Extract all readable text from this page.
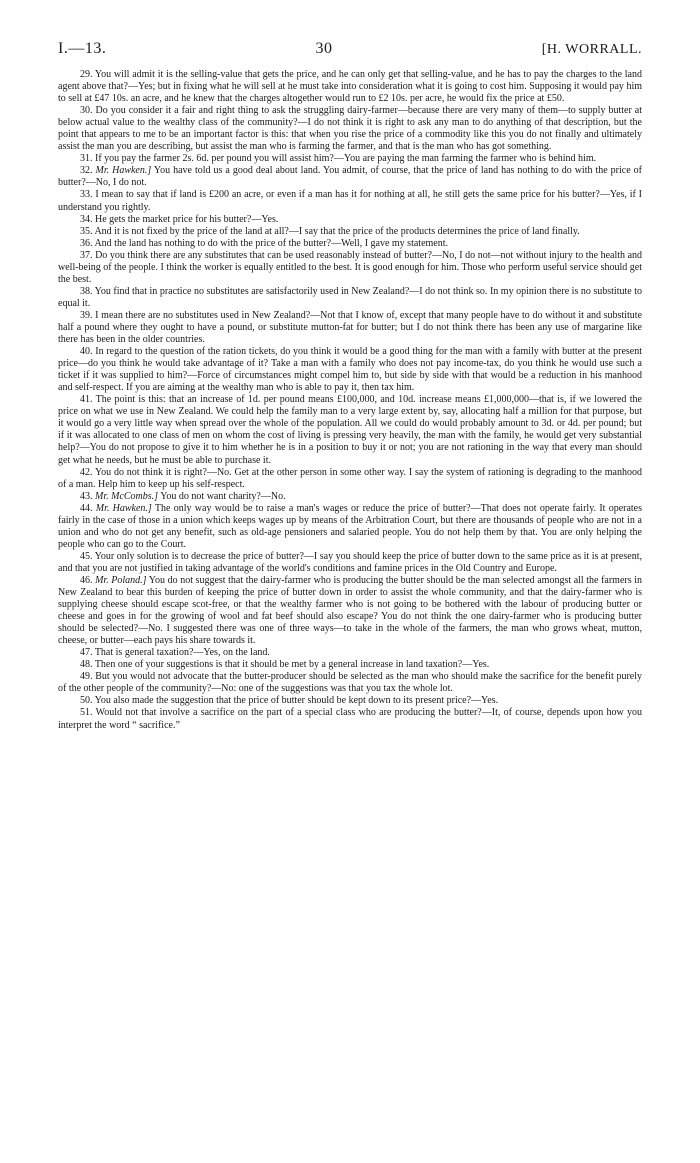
I.—13.	30	[H. WORRALL.

29. You will admit it is the selling-value that gets the price, and he can only get that selling-value, and he has to pay the charges to the land agent above that?—Yes; but in fixing what he will sell at he must take into consideration what it is going to cost him. Supposing it would pay him to sell at £47 10s. an acre, and he knew that the charges altogether would run to £2 10s. per acre, he would fix the price at £50.

30. Do you consider it a fair and right thing to ask the struggling dairy-farmer—because there are very many of them—to supply butter at below actual value to the wealthy class of the community?—I do not think it is right to ask any man to do anything of that description, but the point that appears to me to be an important factor is this: that when you rise the price of a commodity like this you do not finally and ultimately assist the man you are describing, but assist the man who is farming the farmer, and that is the man who has got something.

31. If you pay the farmer 2s. 6d. per pound you will assist him?—You are paying the man farming the farmer who is behind him.

32. Mr. Hawken.] You have told us a good deal about land. You admit, of course, that the price of land has nothing to do with the price of butter?—No, I do not.

33. I mean to say that if land is £200 an acre, or even if a man has it for nothing at all, he still gets the same price for his butter?—Yes, if I understand you rightly.

34. He gets the market price for his butter?—Yes.

35. And it is not fixed by the price of the land at all?—I say that the price of the products determines the price of land finally.

36. And the land has nothing to do with the price of the butter?—Well, I gave my statement.

37. Do you think there are any substitutes that can be used reasonably instead of butter?—No, I do not—not without injury to the health and well-being of the people. I think the worker is equally entitled to the best. It is good enough for him. Those who perform useful service should get the best.

38. You find that in practice no substitutes are satisfactorily used in New Zealand?—I do not think so. In my opinion there is no substitute to equal it.

39. I mean there are no substitutes used in New Zealand?—Not that I know of, except that many people have to do without it and substitute half a pound where they ought to have a pound, or substitute mutton-fat for butter; but I do not think there has been any use of margarine like there has been in the older countries.

40. In regard to the question of the ration tickets, do you think it would be a good thing for the man with a family with butter at the present price—do you think he would take advantage of it? Take a man with a family who does not pay income-tax, do you think he would use such a ticket if it was supplied to him?—Force of circumstances might compel him to, but side by side with that would be a reduction in his manhood and self-respect. If you are aiming at the wealthy man who is able to pay it, then tax him.

41. The point is this: that an increase of 1d. per pound means £100,000, and 10d. increase means £1,000,000—that is, if we lowered the price on what we use in New Zealand. We could help the family man to a very large extent by, say, allocating half a million for that purpose, but it would go a very little way when spread over the whole of the population. All we could do would probably amount to 3d. or 4d. per pound; but if it was allocated to one class of men on whom the cost of living is pressing very heavily, the man with the family, he would get very substantial help?—You do not propose to give it to him whether he is in a position to buy it or not; you are not rationing in the way that every man should get what he needs, but he must be able to purchase it.

42. You do not think it is right?—No. Get at the other person in some other way. I say the system of rationing is degrading to the manhood of a man. Help him to keep up his self-respect.

43. Mr. McCombs.] You do not want charity?—No.

44. Mr. Hawken.] The only way would be to raise a man's wages or reduce the price of butter?—That does not operate fairly. It operates fairly in the case of those in a union which keeps wages up by means of the Arbitration Court, but there are thousands of people who are not in a union and who do not get any benefit, such as old-age pensioners and salaried people. You do not help them by that. You are only helping the people who can go to the Court.

45. Your only solution is to decrease the price of butter?—I say you should keep the price of butter down to the same price as it is at present, and that you are not justified in taking advantage of the world's conditions and famine prices in the Old Country and Europe.

46. Mr. Poland.] You do not suggest that the dairy-farmer who is producing the butter should be the man selected amongst all the farmers in New Zealand to bear this burden of keeping the price of butter down in order to assist the whole community, and that the dairy-farmer who is supplying cheese should escape scot-free, or that the wealthy farmer who is not going to be bothered with the labour of producing butter or cheese and goes in for the growing of wool and fat beef should also escape? You do not think the one dairy-farmer who is producing butter should be selected?—No. I suggested there was one of three ways—to take in the whole of the farmers, the man who grows wheat, mutton, cheese, or butter—each pays his share towards it.

47. That is general taxation?—Yes, on the land.

48. Then one of your suggestions is that it should be met by a general increase in land taxation?—Yes.

49. But you would not advocate that the butter-producer should be selected as the man who should make the sacrifice for the benefit purely of the other people of the community?—No: one of the suggestions was that you tax the whole lot.

50. You also made the suggestion that the price of butter should be kept down to its present price?—Yes.

51. Would not that involve a sacrifice on the part of a special class who are producing the butter?—It, of course, depends upon how you interpret the word “ sacrifice.”
